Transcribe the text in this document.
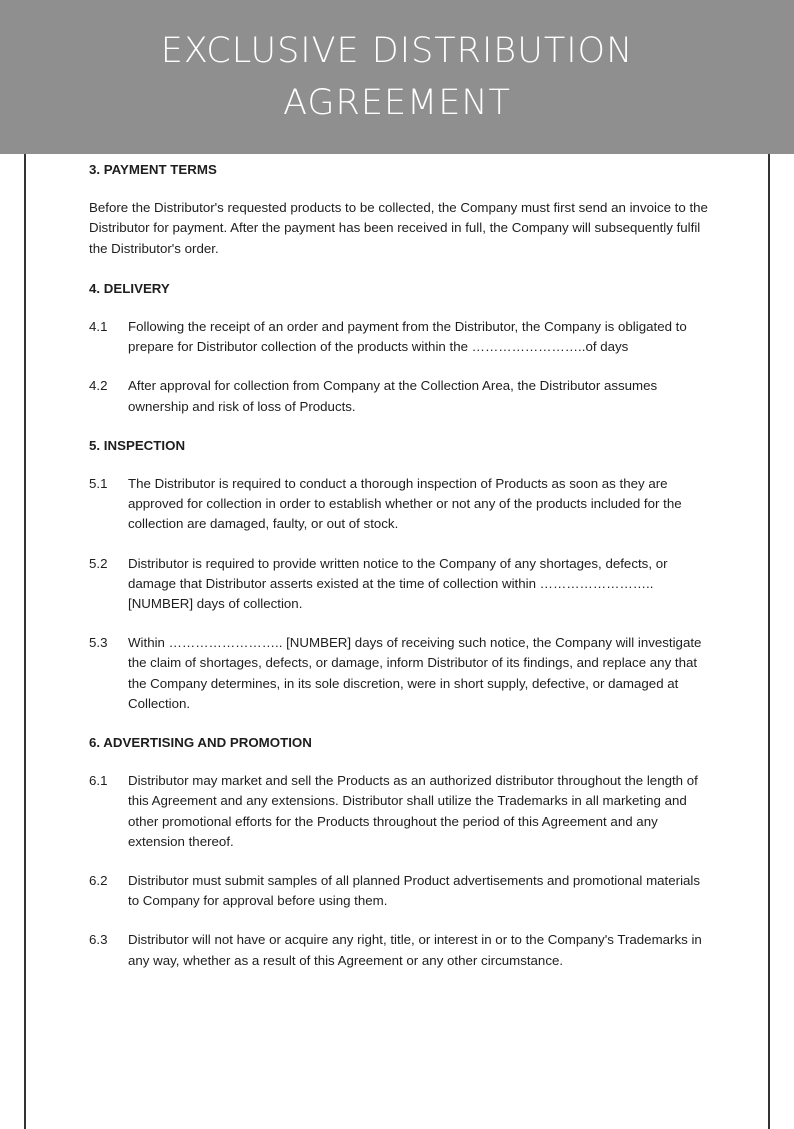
EXCLUSIVE DISTRIBUTION
AGREEMENT
3. PAYMENT TERMS
Before the Distributor's requested products to be collected, the Company must first send an invoice to the Distributor for payment. After the payment has been received in full, the Company will subsequently fulfil the Distributor's order.
4. DELIVERY
4.1	Following the receipt of an order and payment from the Distributor, the Company is obligated to prepare for Distributor collection of the products within the ……………………..of days
4.2	After approval for collection from Company at the Collection Area, the Distributor assumes ownership and risk of loss of Products.
5. INSPECTION
5.1	The Distributor is required to conduct a thorough inspection of Products as soon as they are approved for collection in order to establish whether or not any of the products included for the collection are damaged, faulty, or out of stock.
5.2	Distributor is required to provide written notice to the Company of any shortages, defects, or damage that Distributor asserts existed at the time of collection within …………………….. [NUMBER] days of collection.
5.3	Within …………………….. [NUMBER] days of receiving such notice, the Company will investigate the claim of shortages, defects, or damage, inform Distributor of its findings, and replace any that the Company determines, in its sole discretion, were in short supply, defective, or damaged at Collection.
6. ADVERTISING AND PROMOTION
6.1	Distributor may market and sell the Products as an authorized distributor throughout the length of this Agreement and any extensions. Distributor shall utilize the Trademarks in all marketing and other promotional efforts for the Products throughout the period of this Agreement and any extension thereof.
6.2	Distributor must submit samples of all planned Product advertisements and promotional materials to Company for approval before using them.
6.3	Distributor will not have or acquire any right, title, or interest in or to the Company's Trademarks in any way, whether as a result of this Agreement or any other circumstance.
